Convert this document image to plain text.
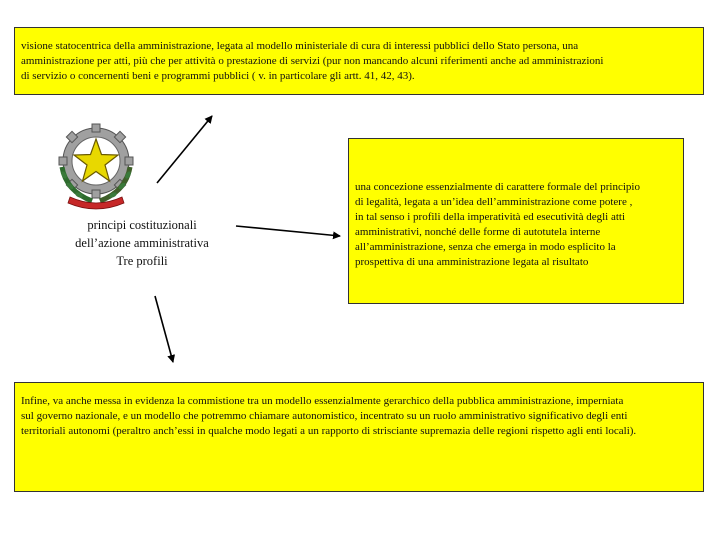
visione statocentrica della amministrazione, legata al modello ministeriale di cura di interessi pubblici dello Stato persona, una
amministrazione per atti, più che per attività o prestazione di servizi (pur non mancando alcuni riferimenti anche ad amministrazioni
di servizio o concernenti beni e programmi pubblici ( v. in particolare gli artt. 41, 42, 43).
principi costituzionali
dell’azione amministrativa
Tre profili
una concezione essenzialmente di carattere formale del principio
di legalità, legata a un’idea dell’amministrazione come potere ,
in tal senso i profili della imperatività ed esecutività degli atti
amministrativi, nonché delle forme di autotutela interne
all’amministrazione, senza che emerga in modo esplicito la
prospettiva di una amministrazione legata al risultato
Infine, va anche messa in evidenza la commistione tra un modello essenzialmente gerarchico della pubblica amministrazione, imperniata
sul governo nazionale, e un modello che potremmo chiamare autonomistico, incentrato su un ruolo amministrativo significativo degli enti
territoriali autonomi (peraltro anch’essi in qualche modo legati a un rapporto di strisciante supremazia delle regioni rispetto agli enti locali).
